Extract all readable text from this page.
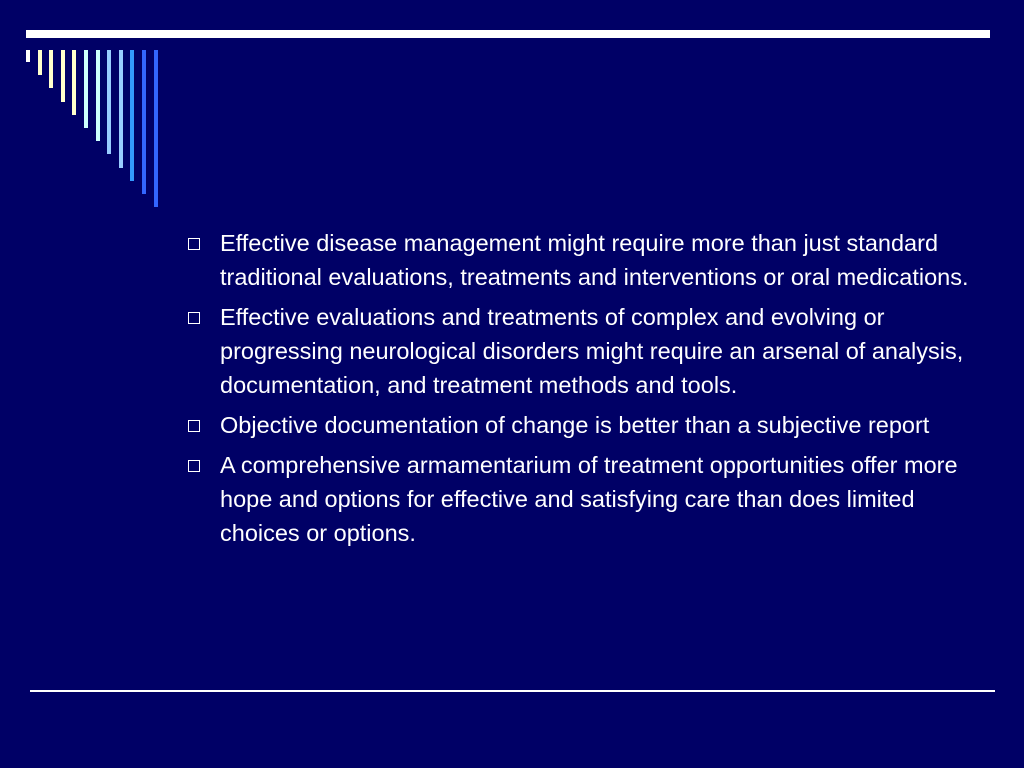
Effective disease management might require more than just standard traditional evaluations, treatments and interventions or oral medications.
Effective evaluations and treatments of complex and evolving or progressing neurological disorders might require an arsenal of analysis, documentation, and treatment methods and tools.
Objective documentation of change is better than a subjective report
A comprehensive armamentarium of treatment opportunities offer more hope and options for effective and satisfying care than does limited choices or options.
